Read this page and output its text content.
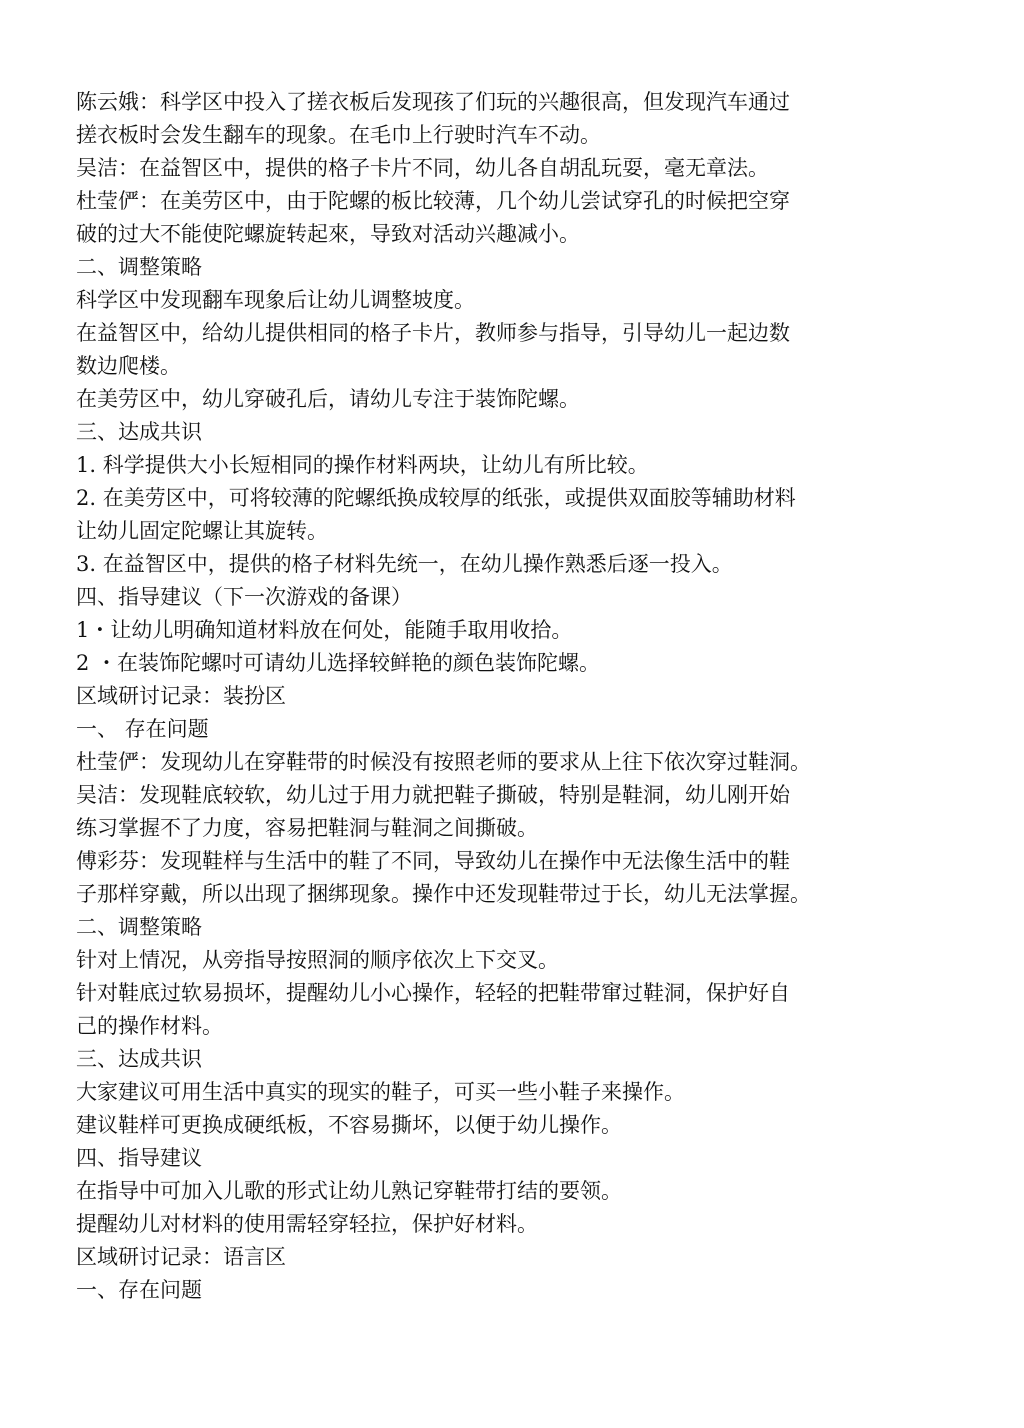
陈云娥：科学区中投入了搓衣板后发现孩了们玩的兴趣很高，但发现汽车通过
搓衣板时会发生翻车的现象。在毛巾上行驶时汽车不动。
吴洁：在益智区中，提供的格子卡片不同，幼儿各自胡乱玩耍，毫无章法。
杜莹俨：在美劳区中，由于陀螺的板比较薄，几个幼儿尝试穿孔的时候把空穿
破的过大不能使陀螺旋转起來，导致对活动兴趣减小。
二、调整策略
科学区中发现翻车现象后让幼儿调整坡度。
在益智区中，给幼儿提供相同的格子卡片，教师参与指导，引导幼儿一起边数
数边爬楼。
在美劳区中，幼儿穿破孔后，请幼儿专注于装饰陀螺。
三、达成共识
1. 科学提供大小长短相同的操作材料两块，让幼儿有所比较。
2. 在美劳区中，可将较薄的陀螺纸换成较厚的纸张，或提供双面胶等辅助材料
让幼儿固定陀螺让其旋转。
3. 在益智区中，提供的格子材料先统一，在幼儿操作熟悉后逐一投入。
四、指导建议（下一次游戏的备课）
1・让幼儿明确知道材料放在何处，能随手取用收拾。
2 ・在装饰陀螺吋可请幼儿选择较鲜艳的颜色装饰陀螺。
区域研讨记录：装扮区
一、 存在问题
杜莹俨：发现幼儿在穿鞋带的时候没有按照老师的要求从上往下依次穿过鞋洞。
吴洁：发现鞋底较软，幼儿过于用力就把鞋子撕破，特别是鞋洞，幼儿刚开始
练习掌握不了力度，容易把鞋洞与鞋洞之间撕破。
傅彩芬：发现鞋样与生活中的鞋了不同，导致幼儿在操作中无法像生活中的鞋
子那样穿戴，所以出现了捆绑现象。操作中还发现鞋带过于长，幼儿无法掌握。
二、调整策略
针对上情况，从旁指导按照洞的顺序依次上下交叉。
针对鞋底过软易损坏，提醒幼儿小心操作，轻轻的把鞋带窜过鞋洞，保护好自
己的操作材料。
三、达成共识
大家建议可用生活中真实的现实的鞋子，可买一些小鞋子来操作。
建议鞋样可更换成硬纸板，不容易撕坏，以便于幼儿操作。
四、指导建议
在指导中可加入儿歌的形式让幼儿熟记穿鞋带打结的要领。
提醒幼儿对材料的使用需轻穿轻拉，保护好材料。
区域研讨记录：语言区
一、存在问题
